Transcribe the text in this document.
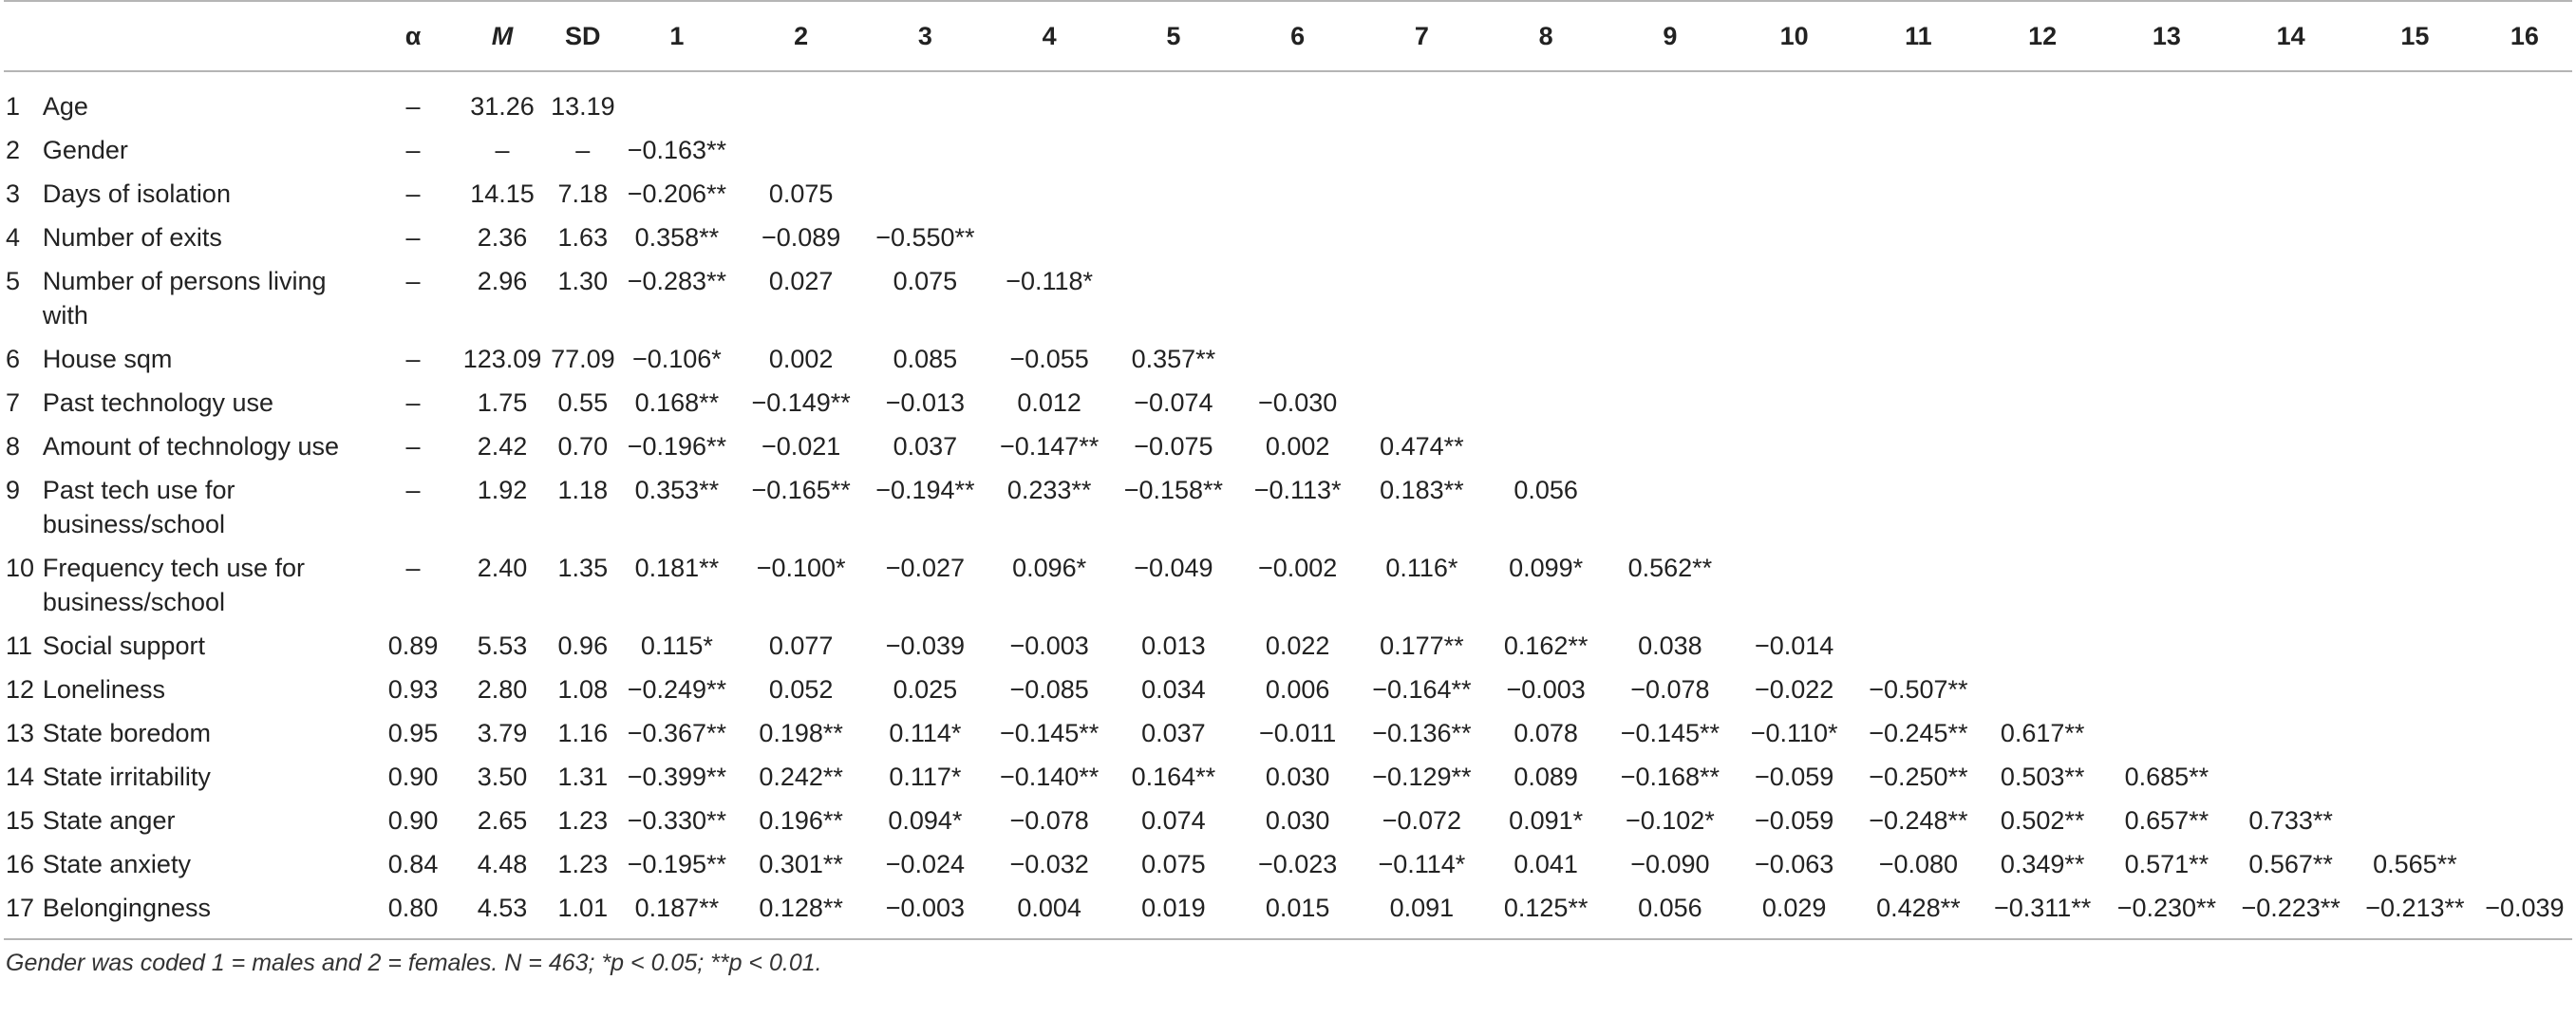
		α	M	SD	1	2	3	4	5	6	7	8	9	10	11	12	13	14	15	16
1	Age	–	31.26	13.19																
2	Gender	–	–	–	−0.163**															
3	Days of isolation	–	14.15	7.18	−0.206**	0.075														
4	Number of exits	–	2.36	1.63	0.358**	−0.089	−0.550**													
5	Number of persons living with	–	2.96	1.30	−0.283**	0.027	0.075	−0.118*												
6	House sqm	–	123.09	77.09	−0.106*	0.002	0.085	−0.055	0.357**											
7	Past technology use	–	1.75	0.55	0.168**	−0.149**	−0.013	0.012	−0.074	−0.030										
8	Amount of technology use	–	2.42	0.70	−0.196**	−0.021	0.037	−0.147**	−0.075	0.002	0.474**									
9	Past tech use for business/school	–	1.92	1.18	0.353**	−0.165**	−0.194**	0.233**	−0.158**	−0.113*	0.183**	0.056								
10	Frequency tech use for business/school	–	2.40	1.35	0.181**	−0.100*	−0.027	0.096*	−0.049	−0.002	0.116*	0.099*	0.562**							
11	Social support	0.89	5.53	0.96	0.115*	0.077	−0.039	−0.003	0.013	0.022	0.177**	0.162**	0.038	−0.014						
12	Loneliness	0.93	2.80	1.08	−0.249**	0.052	0.025	−0.085	0.034	0.006	−0.164**	−0.003	−0.078	−0.022	−0.507**					
13	State boredom	0.95	3.79	1.16	−0.367**	0.198**	0.114*	−0.145**	0.037	−0.011	−0.136**	0.078	−0.145**	−0.110*	−0.245**	0.617**				
14	State irritability	0.90	3.50	1.31	−0.399**	0.242**	0.117*	−0.140**	0.164**	0.030	−0.129**	0.089	−0.168**	−0.059	−0.250**	0.503**	0.685**			
15	State anger	0.90	2.65	1.23	−0.330**	0.196**	0.094*	−0.078	0.074	0.030	−0.072	0.091*	−0.102*	−0.059	−0.248**	0.502**	0.657**	0.733**		
16	State anxiety	0.84	4.48	1.23	−0.195**	0.301**	−0.024	−0.032	0.075	−0.023	−0.114*	0.041	−0.090	−0.063	−0.080	0.349**	0.571**	0.567**	0.565**	
17	Belongingness	0.80	4.53	1.01	0.187**	0.128**	−0.003	0.004	0.019	0.015	0.091	0.125**	0.056	0.029	0.428**	−0.311**	−0.230**	−0.223**	−0.213**	−0.039
Gender was coded 1 = males and 2 = females. N = 463; *p < 0.05; **p < 0.01.
